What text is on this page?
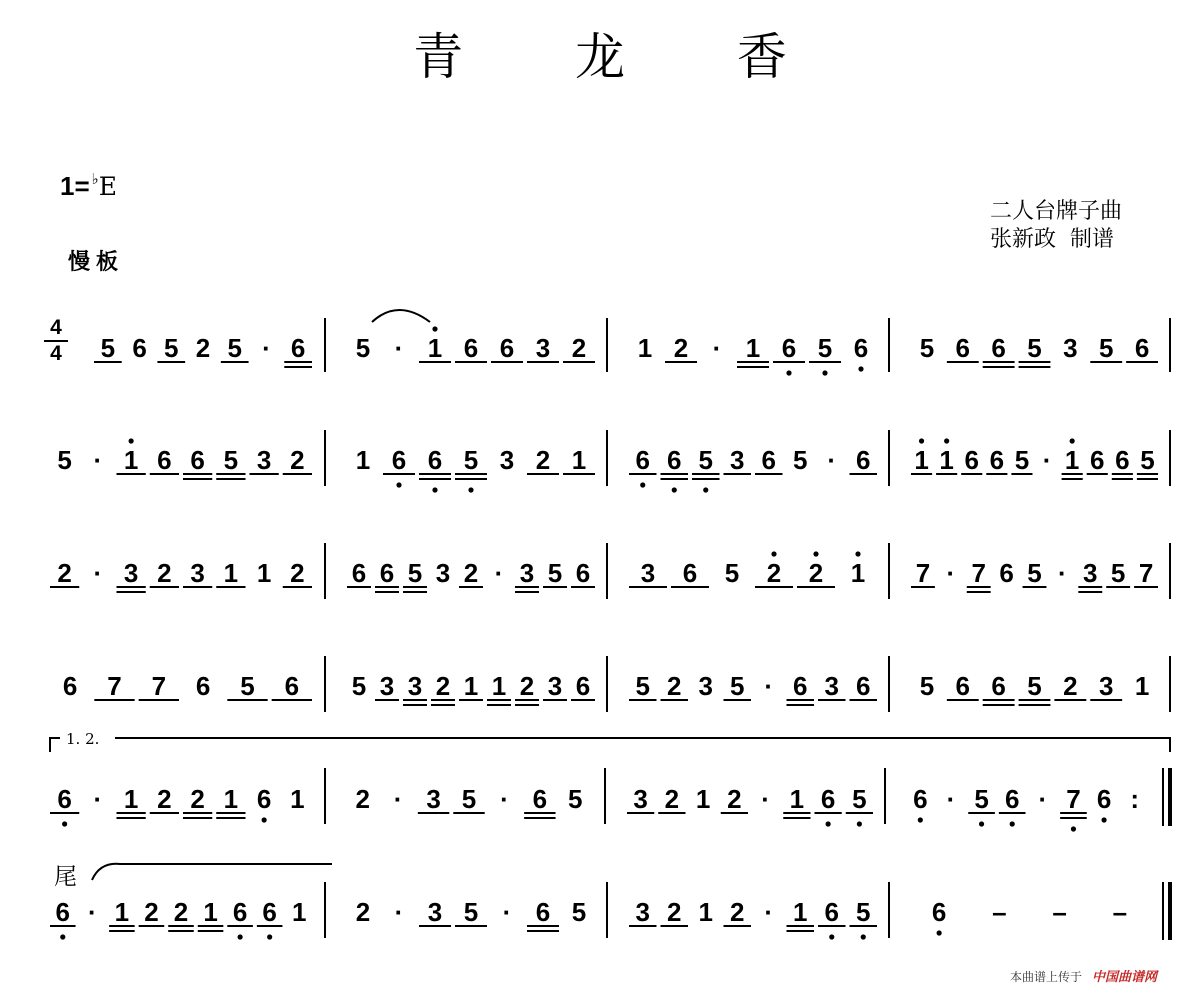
青 龙 香
1= ♭E
慢板
二人台牌子曲
张新政  制谱
4
4
1. 2.
尾
本曲谱上传于 中国曲谱网
5 6 5 2 5 · 6 5 · 1 6 6 3 2 1 2 · 1 6 5 6 5 6 6 5 3 5 6
5 · 1 6 6 5 3 2 1 6 6 5 3 2 1 6 6 5 3 6 5 · 6 1 1 6 6 5 · 1 6 6 5
2 · 3 2 3 1 1 2 6 6 5 3 2 · 3 5 6 3 6 5 2 2 1 7 · 7 6 5 · 3 5 7
6 7 7 6 5 6 5 3 3 2 1 1 2 3 6 5 2 3 5 · 6 3 6 5 6 6 5 2 3 1
6 · 1 2 2 1 6 1 2 · 3 5 · 6 5 3 2 1 2 · 1 6 5 6 · 5 6 · 7 6 :
6 · 1 2 2 1 6 6 1 2 · 3 5 · 6 5 3 2 1 2 · 1 6 5 6 – – –
